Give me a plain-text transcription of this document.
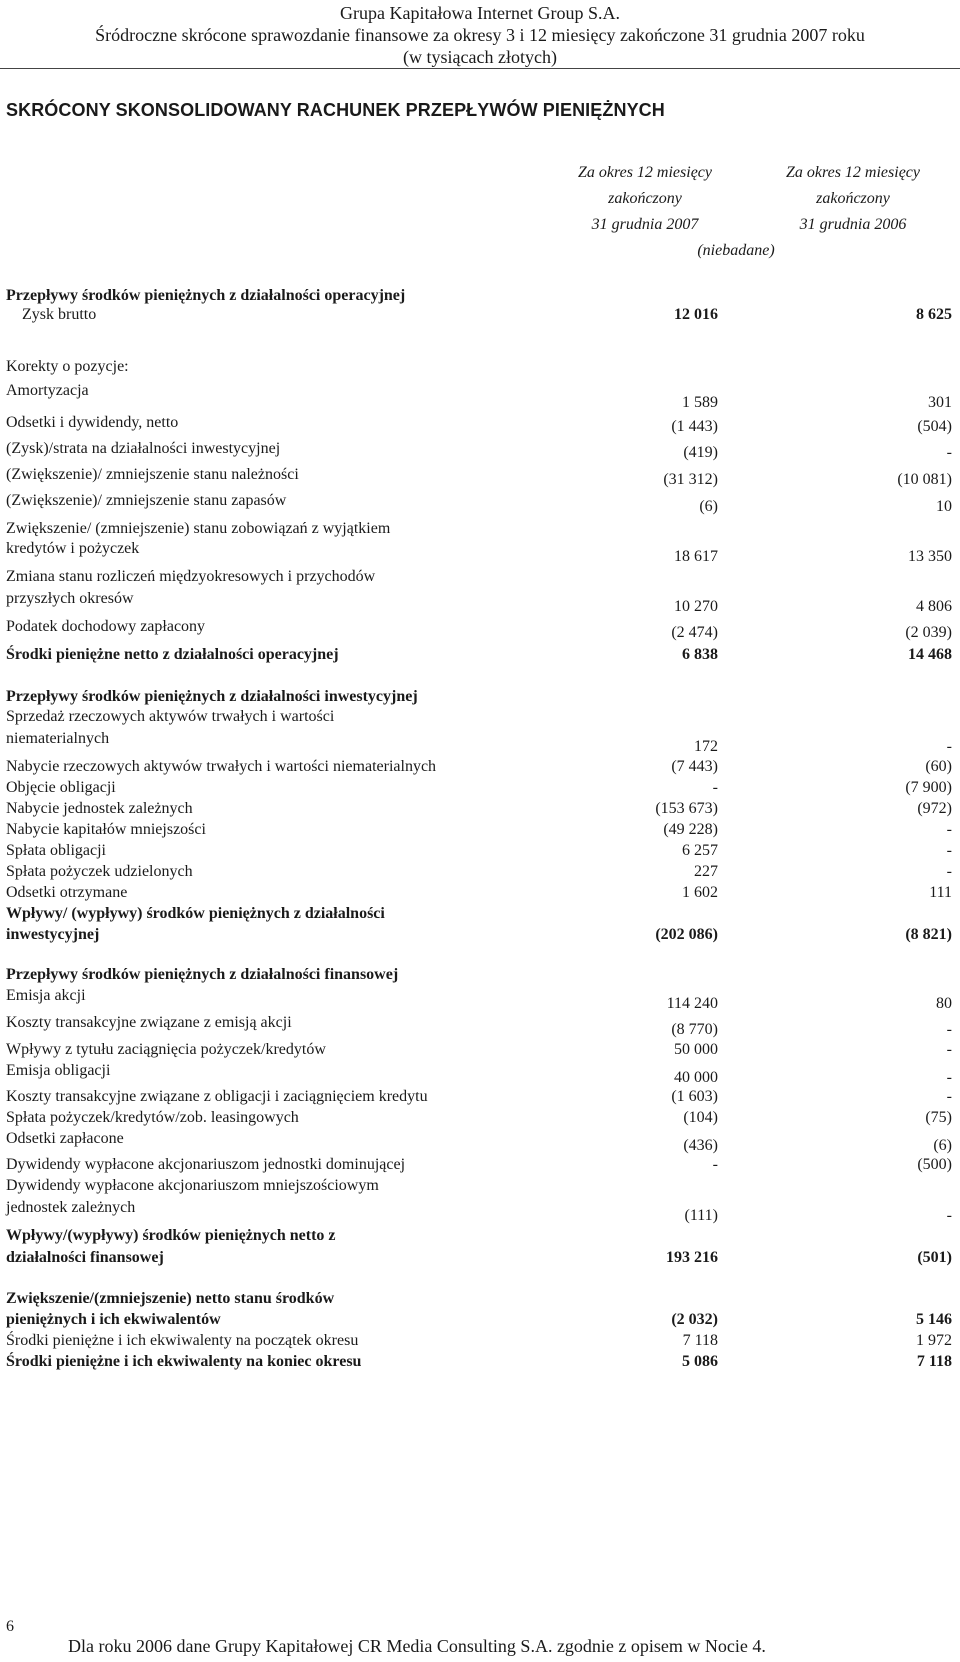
Grupa Kapitałowa Internet Group S.A.
Śródroczne skrócone sprawozdanie finansowe za okresy 3 i 12 miesięcy zakończone 31 grudnia 2007 roku
(w tysiącach złotych)
SKRÓCONY SKONSOLIDOWANY RACHUNEK PRZEPŁYWÓW PIENIĘŻNYCH
Za okres 12 miesięcy
zakończony
31 grudnia 2007
(niebadane)
Za okres 12 miesięcy
zakończony
31 grudnia 2006
Przepływy środków pieniężnych z działalności operacyjnej
Zysk brutto	12 016	8 625
Korekty o pozycje:
Amortyzacja
1 589	301
Odsetki i dywidendy, netto	(1 443)	(504)
(Zysk)/strata na działalności inwestycyjnej	(419)	-
(Zwiększenie)/ zmniejszenie stanu należności	(31 312)	(10 081)
(Zwiększenie)/ zmniejszenie stanu zapasów	(6)	10
Zwiększenie/ (zmniejszenie) stanu zobowiązań z wyjątkiem
kredytów i pożyczek	18 617	13 350
Zmiana stanu rozliczeń międzyokresowych i przychodów
przyszłych okresów	10 270	4 806
Podatek dochodowy zapłacony	(2 474)	(2 039)
Środki pieniężne netto z działalności operacyjnej	6 838	14 468
Przepływy środków pieniężnych z działalności inwestycyjnej
Sprzedaż rzeczowych aktywów trwałych i wartości
niematerialnych	172	-
Nabycie rzeczowych aktywów trwałych i wartości niematerialnych	(7 443)	(60)
Objęcie obligacji	-	(7 900)
Nabycie jednostek zależnych	(153 673)	(972)
Nabycie kapitałów mniejszości	(49 228)	-
Spłata obligacji	6 257	-
Spłata pożyczek udzielonych	227	-
Odsetki otrzymane	1 602	111
Wpływy/ (wypływy) środków pieniężnych z działalności
inwestycyjnej	(202 086)	(8 821)
Przepływy środków pieniężnych z działalności finansowej
Emisja akcji	114 240	80
Koszty transakcyjne związane z emisją akcji	(8 770)	-
Wpływy z tytułu zaciągnięcia pożyczek/kredytów	50 000	-
Emisja obligacji	40 000	-
Koszty transakcyjne związane z obligacji i zaciągnięciem kredytu	(1 603)	-
Spłata pożyczek/kredytów/zob. leasingowych	(104)	(75)
Odsetki zapłacone	(436)	(6)
Dywidendy wypłacone akcjonariuszom jednostki dominującej	-	(500)
Dywidendy wypłacone akcjonariuszom mniejszościowym
jednostek zależnych	(111)	-
Wpływy/(wypływy) środków pieniężnych netto z
działalności finansowej	193 216	(501)
Zwiększenie/(zmniejszenie) netto stanu środków
pieniężnych i ich ekwiwalentów	(2 032)	5 146
Środki pieniężne i ich ekwiwalenty na początek okresu	7 118	1 972
Środki pieniężne i ich ekwiwalenty na koniec okresu	5 086	7 118
6
Dla roku 2006 dane Grupy Kapitałowej CR Media Consulting S.A. zgodnie z opisem w Nocie 4.
